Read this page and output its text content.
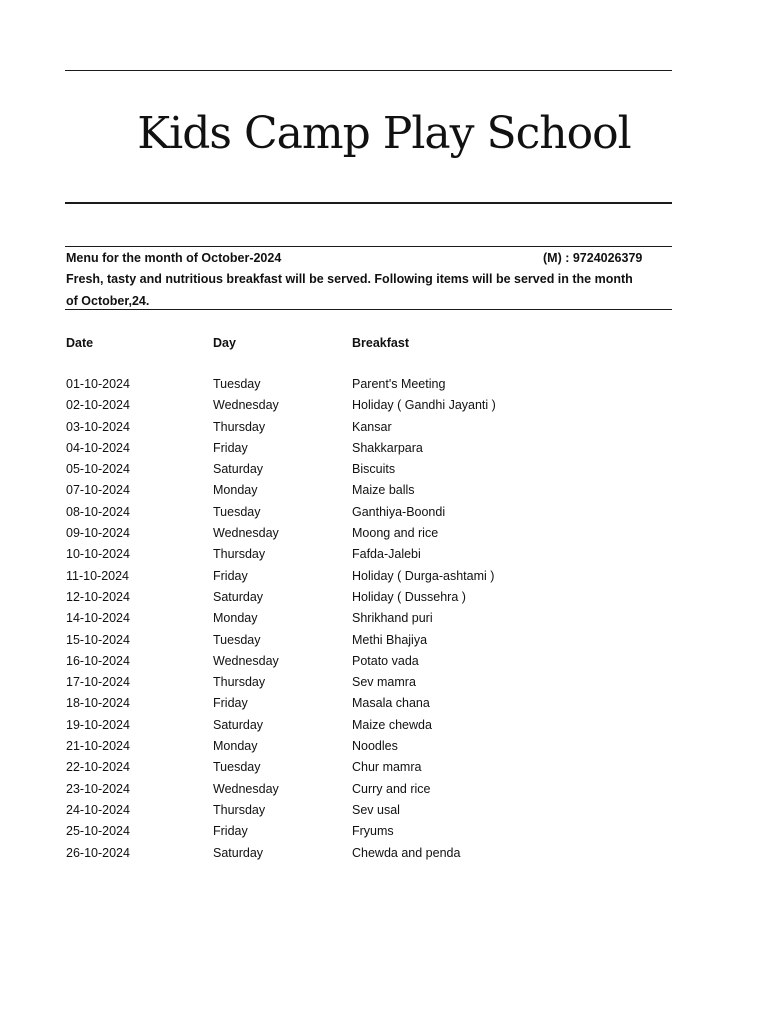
Kids Camp Play School
Menu for the month of October-2024	(M) : 9724026379
Fresh, tasty and nutritious breakfast will be served. Following items will be served in the month
of October,24.
Date	Day	Breakfast
01-10-2024	Tuesday	Parent's Meeting
02-10-2024	Wednesday	Holiday ( Gandhi Jayanti )
03-10-2024	Thursday	Kansar
04-10-2024	Friday	Shakkarpara
05-10-2024	Saturday	Biscuits
07-10-2024	Monday	Maize balls
08-10-2024	Tuesday	Ganthiya-Boondi
09-10-2024	Wednesday	Moong and rice
10-10-2024	Thursday	Fafda-Jalebi
11-10-2024	Friday	Holiday ( Durga-ashtami )
12-10-2024	Saturday	Holiday ( Dussehra )
14-10-2024	Monday	Shrikhand puri
15-10-2024	Tuesday	Methi Bhajiya
16-10-2024	Wednesday	Potato vada
17-10-2024	Thursday	Sev mamra
18-10-2024	Friday	Masala chana
19-10-2024	Saturday	Maize chewda
21-10-2024	Monday	Noodles
22-10-2024	Tuesday	Chur mamra
23-10-2024	Wednesday	Curry and rice
24-10-2024	Thursday	Sev usal
25-10-2024	Friday	Fryums
26-10-2024	Saturday	Chewda and penda
